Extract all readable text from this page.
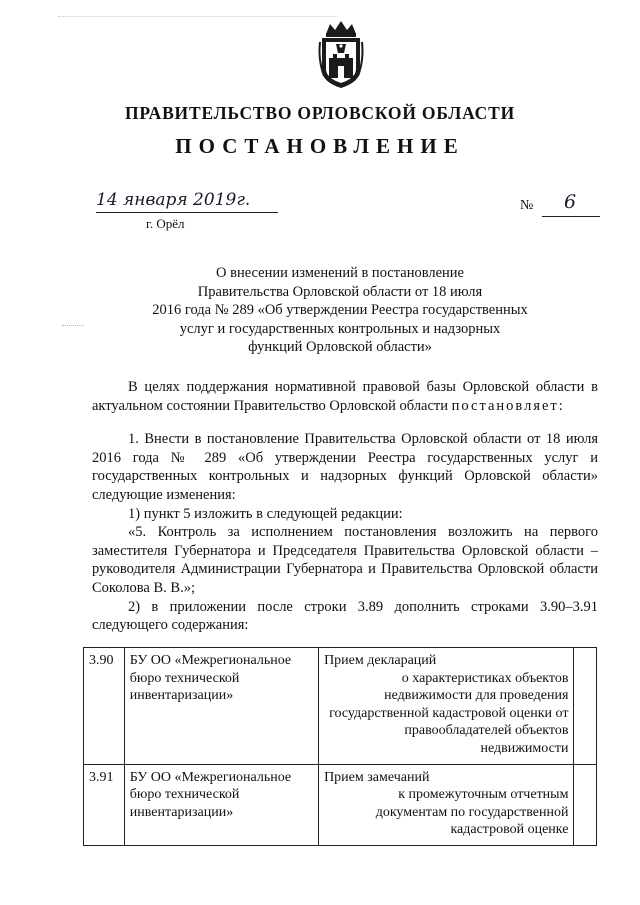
ПРАВИТЕЛЬСТВО ОРЛОВСКОЙ ОБЛАСТИ
ПОСТАНОВЛЕНИЕ
14 января 2019г.
г. Орёл
№ 6
О внесении изменений в постановление
Правительства Орловской области от 18 июля
2016 года № 289 «Об утверждении Реестра государственных
услуг и государственных контрольных и надзорных
функций Орловской области»

В целях поддержания нормативной правовой базы Орловской области в актуальном состоянии Правительство Орловской области постановляет:

1. Внести в постановление Правительства Орловской области от 18 июля 2016 года № 289 «Об утверждении Реестра государственных услуг и государственных контрольных и надзорных функций Орловской области» следующие изменения:

1) пункт 5 изложить в следующей редакции:

«5. Контроль за исполнением постановления возложить на первого заместителя Губернатора и Председателя Правительства Орловской области – руководителя Администрации Губернатора и Правительства Орловской области Соколова В. В.»;

2) в приложении после строки 3.89 дополнить строками 3.90–3.91 следующего содержания:

3.90	БУ ОО «Межрегиональное бюро технической инвентаризации»	Прием деклараций
о характеристиках объектов недвижимости для проведения государственной кадастровой оценки от правообладателей объектов недвижимости	
3.91	БУ ОО «Межрегиональное бюро технической инвентаризации»	Прием замечаний
к промежуточным отчетным документам по государственной кадастровой оценке	
